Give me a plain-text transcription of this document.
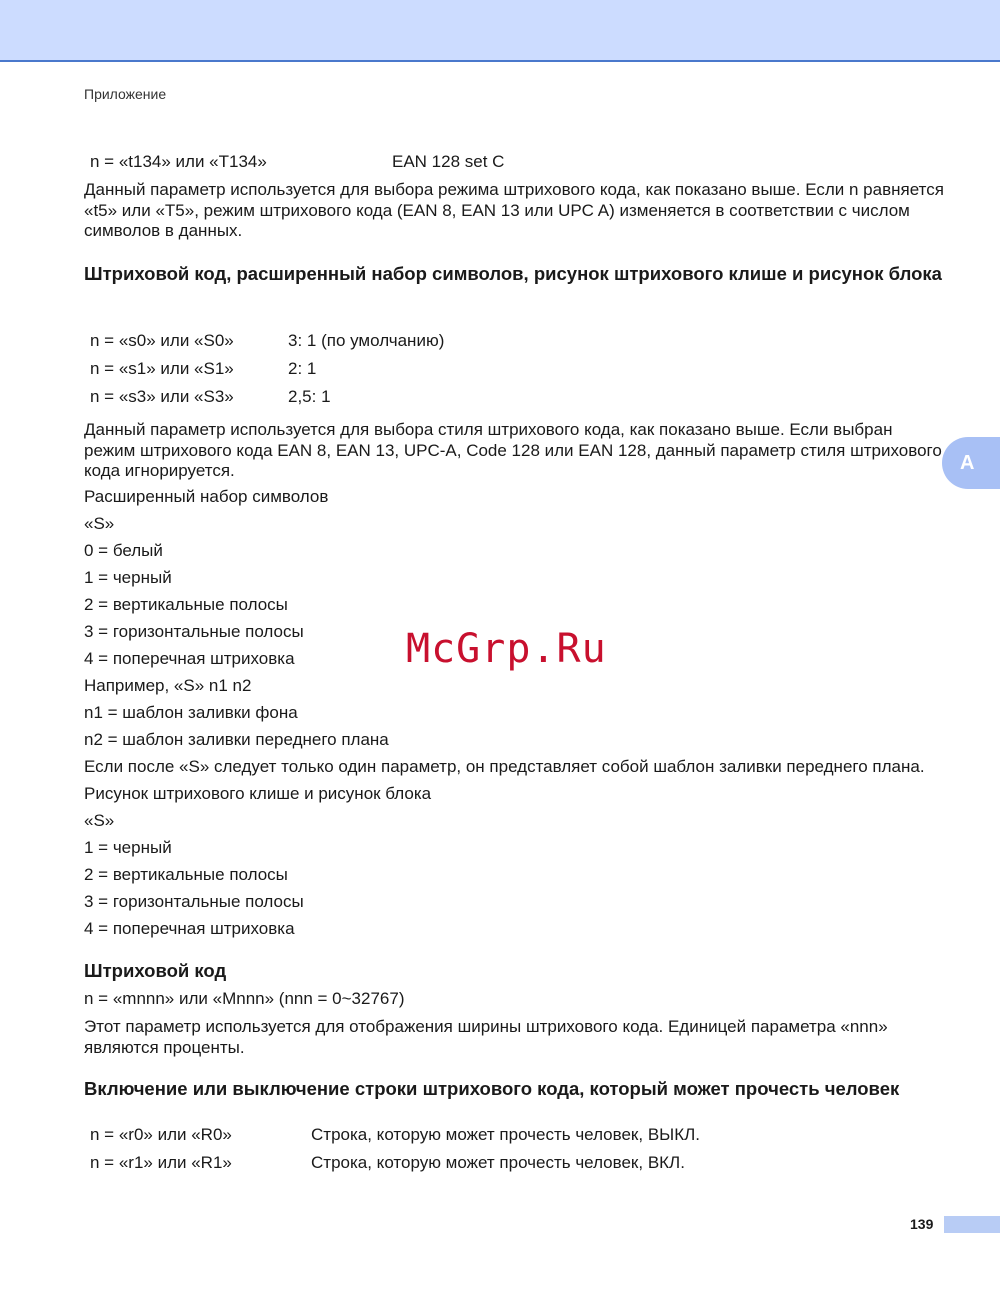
Приложение
n = «t134» или «T134»	EAN 128 set C
Данный параметр используется для выбора режима штрихового кода, как показано выше. Если n равняется «t5» или «T5», режим штрихового кода (EAN 8, EAN 13 или UPC A) изменяется в соответствии с числом символов в данных.
Штриховой код, расширенный набор символов, рисунок штрихового клише и рисунок блока
n = «s0» или «S0»	3: 1 (по умолчанию)
n = «s1» или «S1»	2: 1
n = «s3» или «S3»	2,5: 1
Данный параметр используется для выбора стиля штрихового кода, как показано выше. Если выбран режим штрихового кода EAN 8, EAN 13, UPC-A, Code 128 или EAN 128, данный параметр стиля штрихового кода игнорируется.
Расширенный набор символов
«S»
0 = белый
1 = черный
2 = вертикальные полосы
3 = горизонтальные полосы
4 = поперечная штриховка
Например, «S» n1 n2
n1 = шаблон заливки фона
n2 = шаблон заливки переднего плана
Если после «S» следует только один параметр, он представляет собой шаблон заливки переднего плана.
Рисунок штрихового клише и рисунок блока
«S»
1 = черный
2 = вертикальные полосы
3 = горизонтальные полосы
4 = поперечная штриховка
Штриховой код
n = «mnnn» или «Mnnn» (nnn = 0~32767)
Этот параметр используется для отображения ширины штрихового кода. Единицей параметра «nnn» являются проценты.
Включение или выключение строки штрихового кода, который может прочесть человек
n = «r0» или «R0»	Строка, которую может прочесть человек, ВЫКЛ.
n = «r1» или «R1»	Строка, которую может прочесть человек, ВКЛ.
A
McGrp.Ru
139
